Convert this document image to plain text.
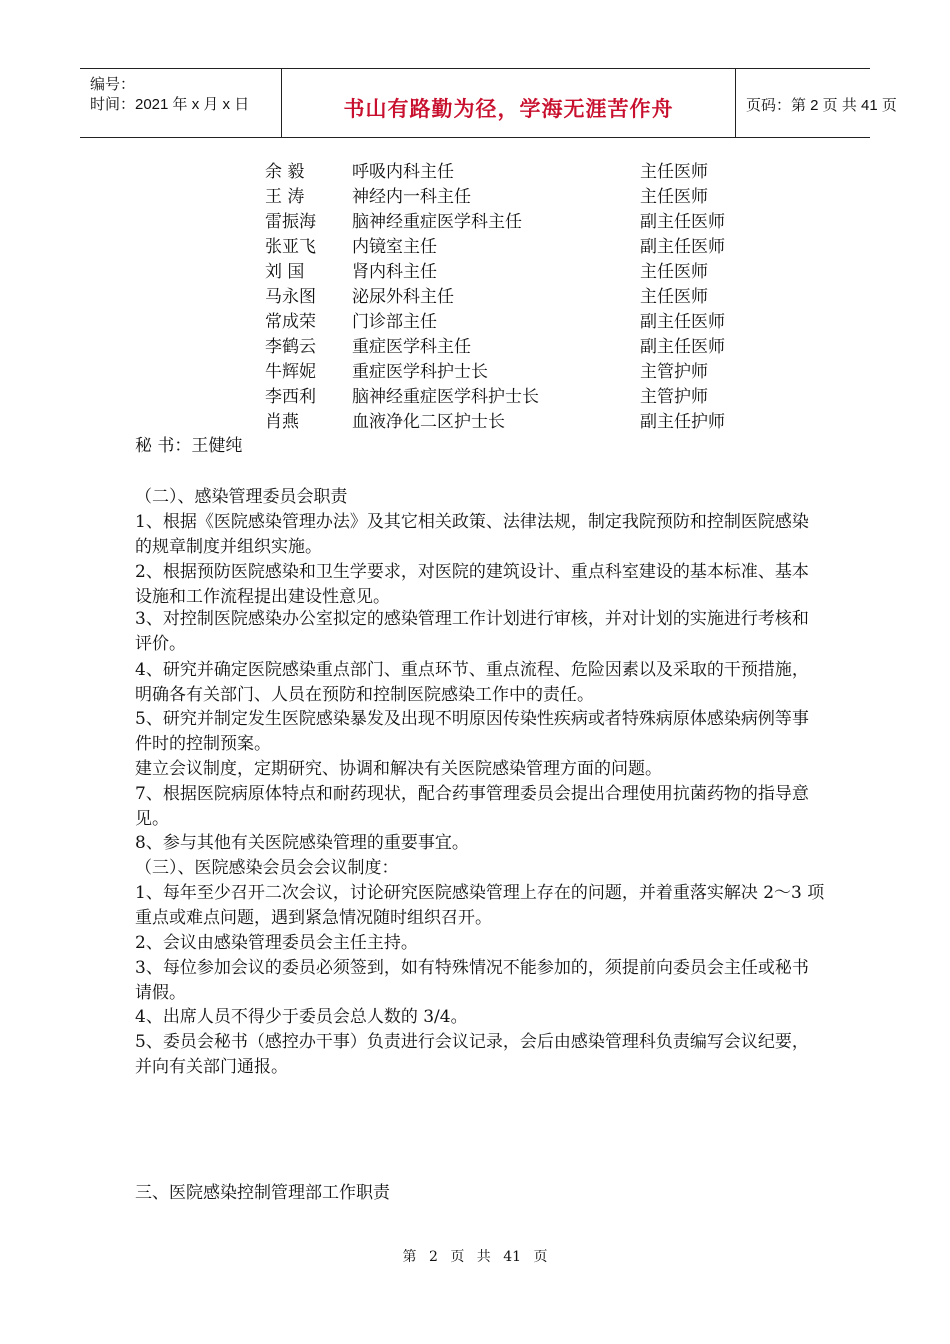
编号：
时间：2021 年 x 月 x 日	书山有路勤为径，学海无涯苦作舟	页码：第 2 页 共 41 页
余 毅	呼吸内科主任	主任医师
王 涛	神经内一科主任	主任医师
雷振海	脑神经重症医学科主任	副主任医师
张亚飞	内镜室主任	副主任医师
刘 国	肾内科主任	主任医师
马永图	泌尿外科主任	主任医师
常成荣	门诊部主任	副主任医师
李鹤云	重症医学科主任	副主任医师
牛辉妮	重症医学科护士长	主管护师
李西利	脑神经重症医学科护士长	主管护师
肖燕	血液净化二区护士长	副主任护师
秘 书：王健纯
（二）、感染管理委员会职责
1、根据《医院感染管理办法》及其它相关政策、法律法规，制定我院预防和控制医院感染的规章制度并组织实施。
2、根据预防医院感染和卫生学要求，对医院的建筑设计、重点科室建设的基本标准、基本设施和工作流程提出建设性意见。
3、对控制医院感染办公室拟定的感染管理工作计划进行审核，并对计划的实施进行考核和评价。
4、研究并确定医院感染重点部门、重点环节、重点流程、危险因素以及采取的干预措施，明确各有关部门、人员在预防和控制医院感染工作中的责任。
5、研究并制定发生医院感染暴发及出现不明原因传染性疾病或者特殊病原体感染病例等事件时的控制预案。
建立会议制度，定期研究、协调和解决有关医院感染管理方面的问题。
7、根据医院病原体特点和耐药现状，配合药事管理委员会提出合理使用抗菌药物的指导意见。
8、参与其他有关医院感染管理的重要事宜。
（三）、医院感染会员会会议制度：
1、每年至少召开二次会议，讨论研究医院感染管理上存在的问题，并着重落实解决 2～3 项重点或难点问题，遇到紧急情况随时组织召开。
2、会议由感染管理委员会主任主持。
3、每位参加会议的委员必须签到，如有特殊情况不能参加的，须提前向委员会主任或秘书请假。
4、出席人员不得少于委员会总人数的 3/4。
5、委员会秘书（感控办干事）负责进行会议记录，会后由感染管理科负责编写会议纪要，并向有关部门通报。
三、医院感染控制管理部工作职责
第 2 页 共 41 页
